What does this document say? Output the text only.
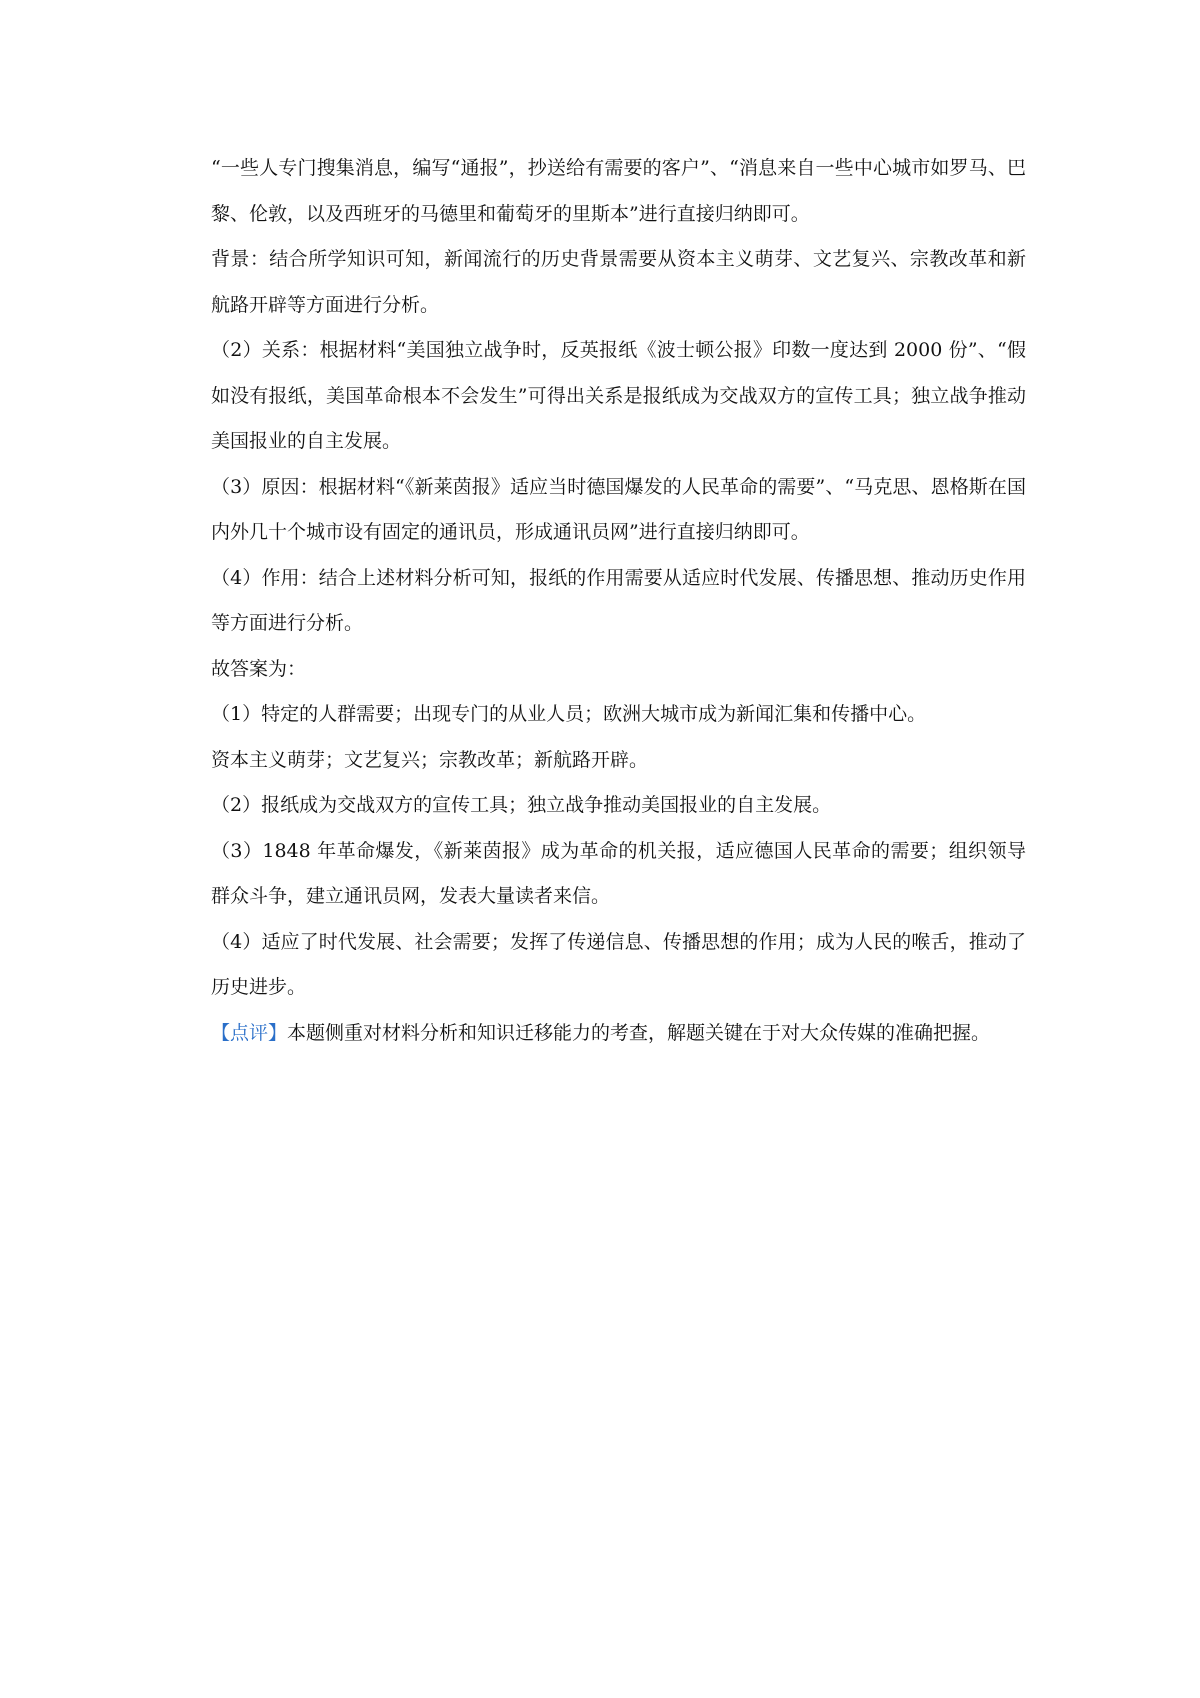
“一些人专门搜集消息，编写“通报”，抄送给有需要的客户”、“消息来自一些中心城市如罗马、巴黎、伦敦，以及西班牙的马德里和葡萄牙的里斯本”进行直接归纳即可。

背景：结合所学知识可知，新闻流行的历史背景需要从资本主义萌芽、文艺复兴、宗教改革和新航路开辟等方面进行分析。

（2）关系：根据材料“美国独立战争时，反英报纸《波士顿公报》印数一度达到 2000 份”、“假如没有报纸，美国革命根本不会发生”可得出关系是报纸成为交战双方的宣传工具；独立战争推动美国报业的自主发展。

（3）原因：根据材料“《新莱茵报》适应当时德国爆发的人民革命的需要”、“马克思、恩格斯在国内外几十个城市设有固定的通讯员，形成通讯员网”进行直接归纳即可。

（4）作用：结合上述材料分析可知，报纸的作用需要从适应时代发展、传播思想、推动历史作用等方面进行分析。

故答案为：

（1）特定的人群需要；出现专门的从业人员；欧洲大城市成为新闻汇集和传播中心。

资本主义萌芽；文艺复兴；宗教改革；新航路开辟。

（2）报纸成为交战双方的宣传工具；独立战争推动美国报业的自主发展。

（3）1848 年革命爆发，《新莱茵报》成为革命的机关报，适应德国人民革命的需要；组织领导群众斗争，建立通讯员网，发表大量读者来信。

（4）适应了时代发展、社会需要；发挥了传递信息、传播思想的作用；成为人民的喉舌，推动了历史进步。

【点评】本题侧重对材料分析和知识迁移能力的考查，解题关键在于对大众传媒的准确把握。
